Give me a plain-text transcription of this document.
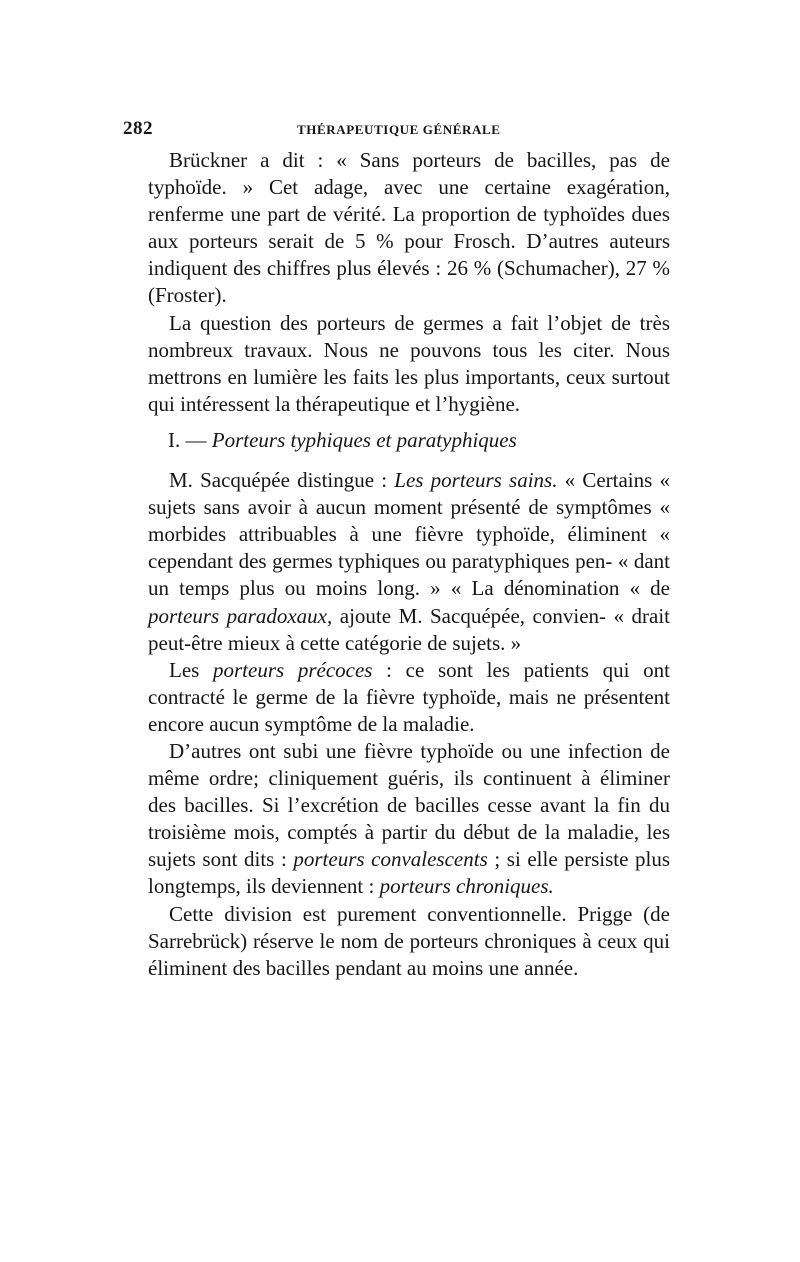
282	THÉRAPEUTIQUE GÉNÉRALE

Brückner a dit : « Sans porteurs de bacilles, pas de typhoïde. » Cet adage, avec une certaine exagération, renferme une part de vérité. La proportion de typhoïdes dues aux porteurs serait de 5 % pour Frosch. D’autres auteurs indiquent des chiffres plus élevés : 26 % (Schumacher), 27 % (Froster).

La question des porteurs de germes a fait l’objet de très nombreux travaux. Nous ne pouvons tous les citer. Nous mettrons en lumière les faits les plus importants, ceux surtout qui intéressent la thérapeutique et l’hygiène.

I. — Porteurs typhiques et paratyphiques

M. Sacquépée distingue : Les porteurs sains. « Certains « sujets sans avoir à aucun moment présenté de symptômes « morbides attribuables à une fièvre typhoïde, éliminent « cependant des germes typhiques ou paratyphiques pen- « dant un temps plus ou moins long. » « La dénomination « de porteurs paradoxaux, ajoute M. Sacquépée, convien- « drait peut-être mieux à cette catégorie de sujets. »

Les porteurs précoces : ce sont les patients qui ont contracté le germe de la fièvre typhoïde, mais ne présentent encore aucun symptôme de la maladie.

D’autres ont subi une fièvre typhoïde ou une infection de même ordre; cliniquement guéris, ils continuent à éliminer des bacilles. Si l’excrétion de bacilles cesse avant la fin du troisième mois, comptés à partir du début de la maladie, les sujets sont dits : porteurs convalescents ; si elle persiste plus longtemps, ils deviennent : porteurs chroniques.

Cette division est purement conventionnelle. Prigge (de Sarrebrück) réserve le nom de porteurs chroniques à ceux qui éliminent des bacilles pendant au moins une année.
